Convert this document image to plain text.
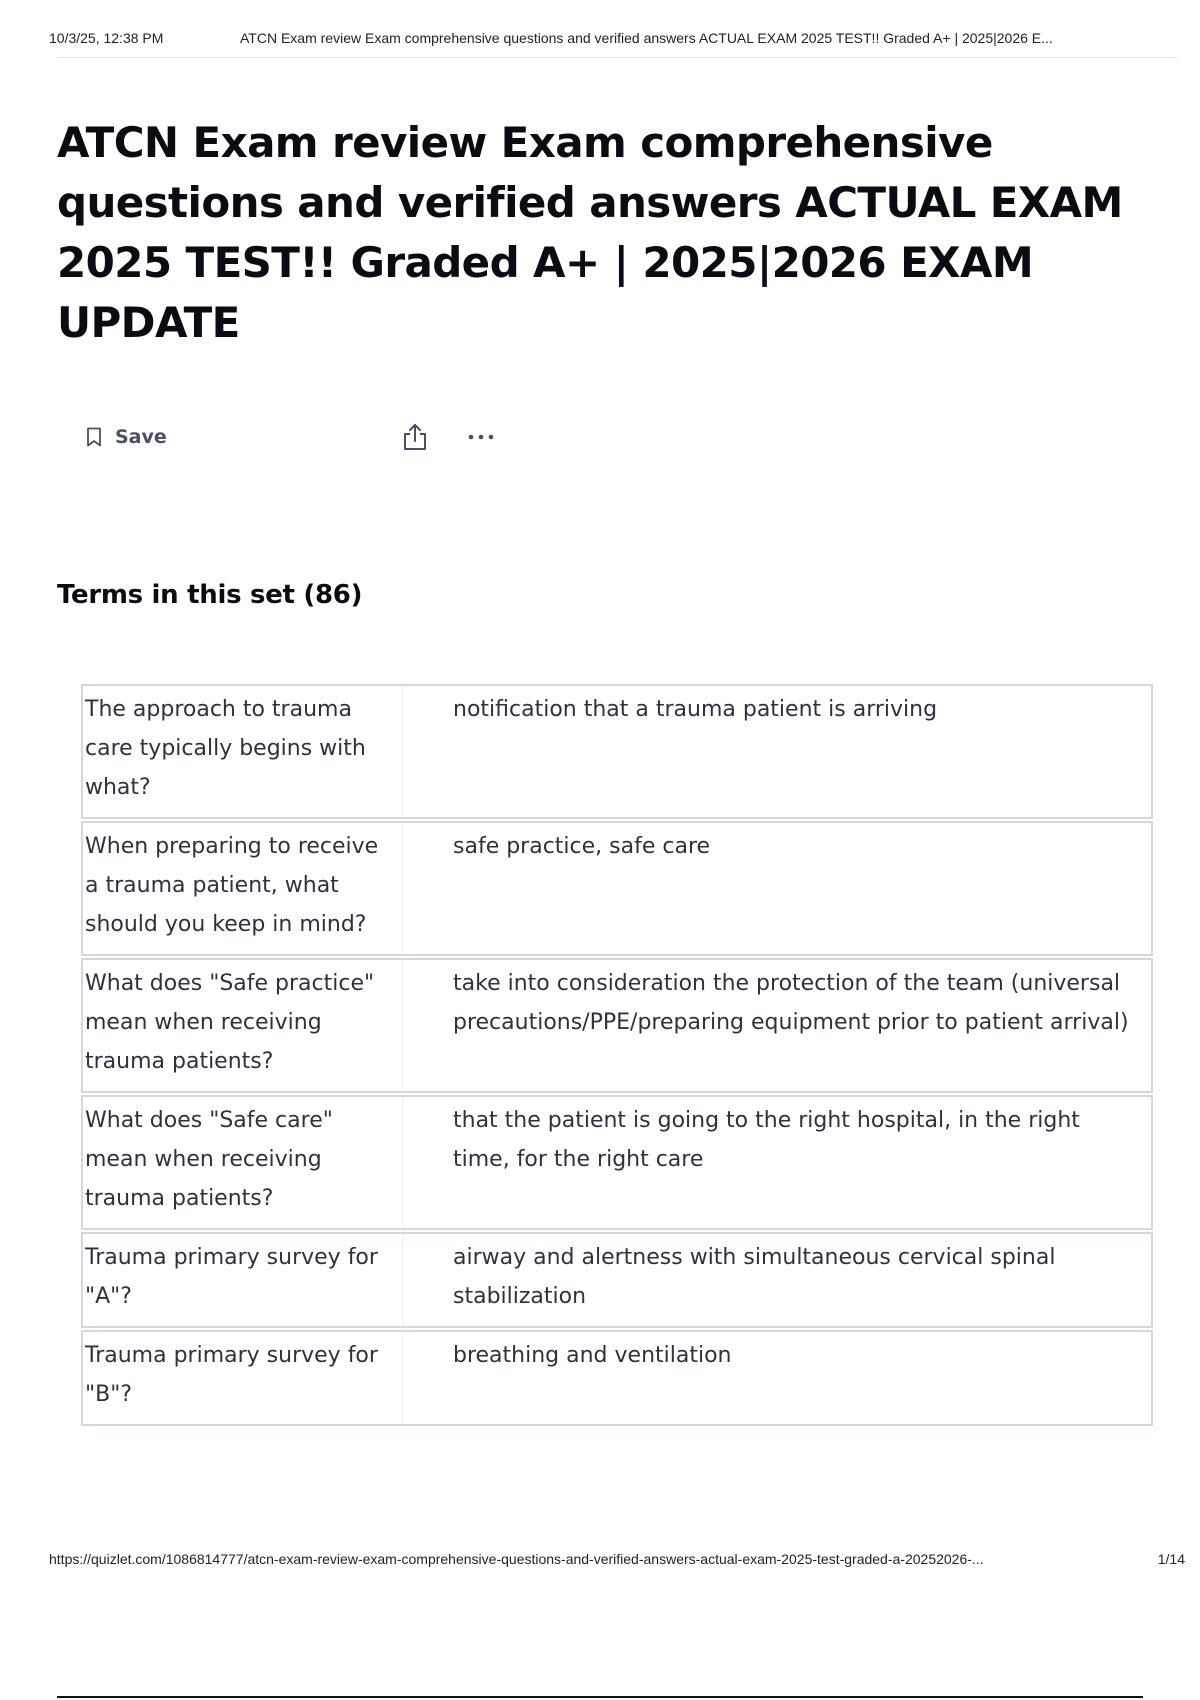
10/3/25, 12:38 PM	ATCN Exam review Exam comprehensive questions and verified answers ACTUAL EXAM 2025 TEST!! Graded A+ | 2025|2026 E...
ATCN Exam review Exam comprehensive questions and verified answers ACTUAL EXAM 2025 TEST!! Graded A+ | 2025|2026 EXAM UPDATE
Save
Terms in this set (86)
The approach to trauma care typically begins with what?
notification that a trauma patient is arriving
When preparing to receive a trauma patient, what should you keep in mind?
safe practice, safe care
What does "Safe practice" mean when receiving trauma patients?
take into consideration the protection of the team (universal precautions/PPE/preparing equipment prior to patient arrival)
What does "Safe care" mean when receiving trauma patients?
that the patient is going to the right hospital, in the right time, for the right care
Trauma primary survey for "A"?
airway and alertness with simultaneous cervical spinal stabilization
Trauma primary survey for "B"?
breathing and ventilation
https://quizlet.com/1086814777/atcn-exam-review-exam-comprehensive-questions-and-verified-answers-actual-exam-2025-test-graded-a-20252026-...	1/14
